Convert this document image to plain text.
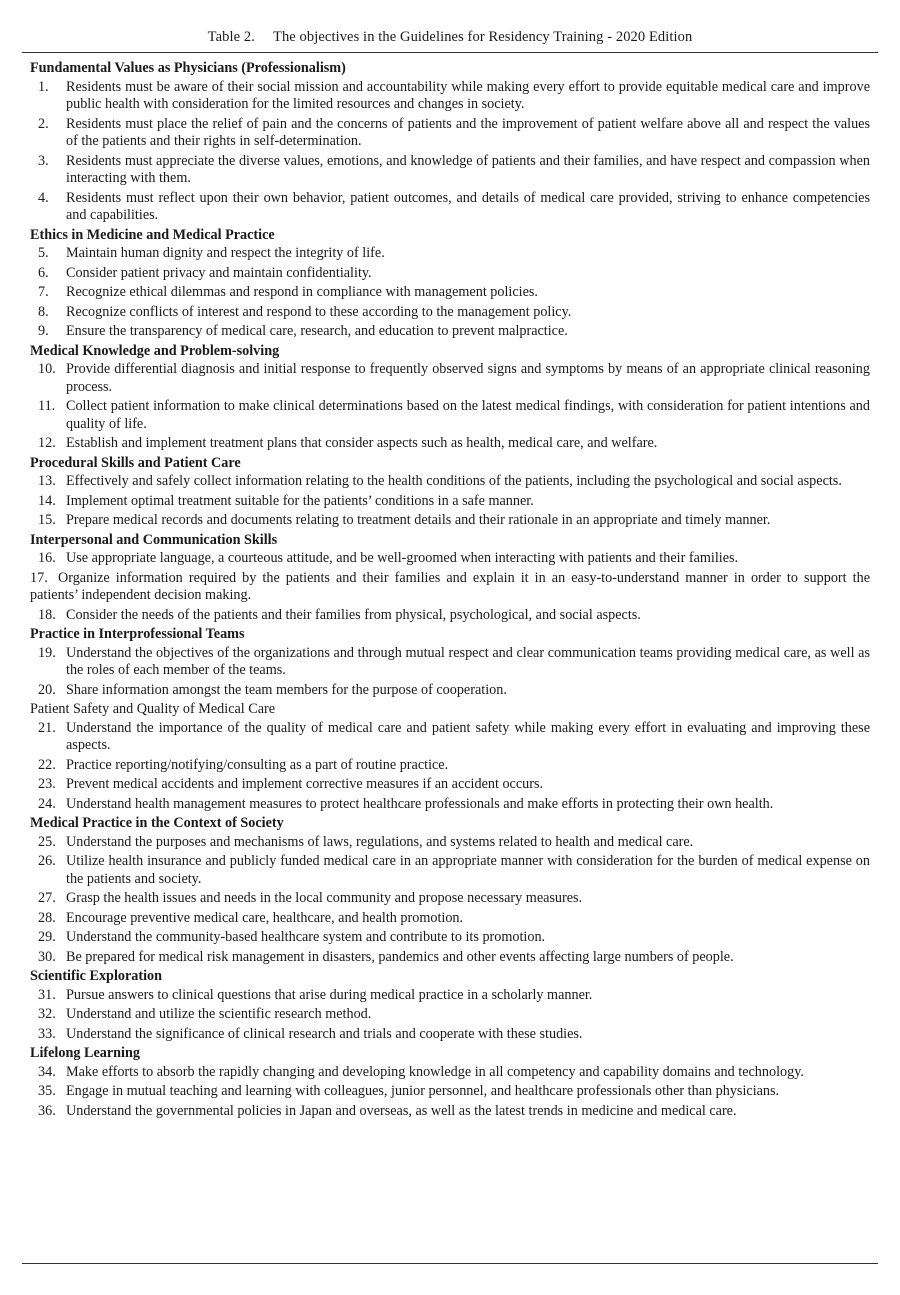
Table 2.  The objectives in the Guidelines for Residency Training - 2020 Edition
Fundamental Values as Physicians (Professionalism)
1.	Residents must be aware of their social mission and accountability while making every effort to provide equitable medical care and improve public health with consideration for the limited resources and changes in society.
2.	Residents must place the relief of pain and the concerns of patients and the improvement of patient welfare above all and respect the values of the patients and their rights in self-determination.
3.	Residents must appreciate the diverse values, emotions, and knowledge of patients and their families, and have respect and compassion when interacting with them.
4.	Residents must reflect upon their own behavior, patient outcomes, and details of medical care provided, striving to enhance competencies and capabilities.
Ethics in Medicine and Medical Practice
5.	Maintain human dignity and respect the integrity of life.
6.	Consider patient privacy and maintain confidentiality.
7.	Recognize ethical dilemmas and respond in compliance with management policies.
8.	Recognize conflicts of interest and respond to these according to the management policy.
9.	Ensure the transparency of medical care, research, and education to prevent malpractice.
Medical Knowledge and Problem-solving
10. Provide differential diagnosis and initial response to frequently observed signs and symptoms by means of an appropriate clinical reasoning process.
11. Collect patient information to make clinical determinations based on the latest medical findings, with consideration for patient intentions and quality of life.
12. Establish and implement treatment plans that consider aspects such as health, medical care, and welfare.
Procedural Skills and Patient Care
13. Effectively and safely collect information relating to the health conditions of the patients, including the psychological and social aspects.
14. Implement optimal treatment suitable for the patients’ conditions in a safe manner.
15. Prepare medical records and documents relating to treatment details and their rationale in an appropriate and timely manner.
Interpersonal and Communication Skills
16. Use appropriate language, a courteous attitude, and be well-groomed when interacting with patients and their families.
17. Organize information required by the patients and their families and explain it in an easy-to-understand manner in order to support the patients’ independent decision making.
18. Consider the needs of the patients and their families from physical, psychological, and social aspects.
Practice in Interprofessional Teams
19. Understand the objectives of the organizations and through mutual respect and clear communication teams providing medical care, as well as the roles of each member of the teams.
20. Share information amongst the team members for the purpose of cooperation.
Patient Safety and Quality of Medical Care
21. Understand the importance of the quality of medical care and patient safety while making every effort in evaluating and improving these aspects.
22. Practice reporting/notifying/consulting as a part of routine practice.
23. Prevent medical accidents and implement corrective measures if an accident occurs.
24. Understand health management measures to protect healthcare professionals and make efforts in protecting their own health.
Medical Practice in the Context of Society
25. Understand the purposes and mechanisms of laws, regulations, and systems related to health and medical care.
26. Utilize health insurance and publicly funded medical care in an appropriate manner with consideration for the burden of medical expense on the patients and society.
27. Grasp the health issues and needs in the local community and propose necessary measures.
28. Encourage preventive medical care, healthcare, and health promotion.
29. Understand the community-based healthcare system and contribute to its promotion.
30. Be prepared for medical risk management in disasters, pandemics and other events affecting large numbers of people.
Scientific Exploration
31. Pursue answers to clinical questions that arise during medical practice in a scholarly manner.
32. Understand and utilize the scientific research method.
33. Understand the significance of clinical research and trials and cooperate with these studies.
Lifelong Learning
34. Make efforts to absorb the rapidly changing and developing knowledge in all competency and capability domains and technology.
35. Engage in mutual teaching and learning with colleagues, junior personnel, and healthcare professionals other than physicians.
36. Understand the governmental policies in Japan and overseas, as well as the latest trends in medicine and medical care.
